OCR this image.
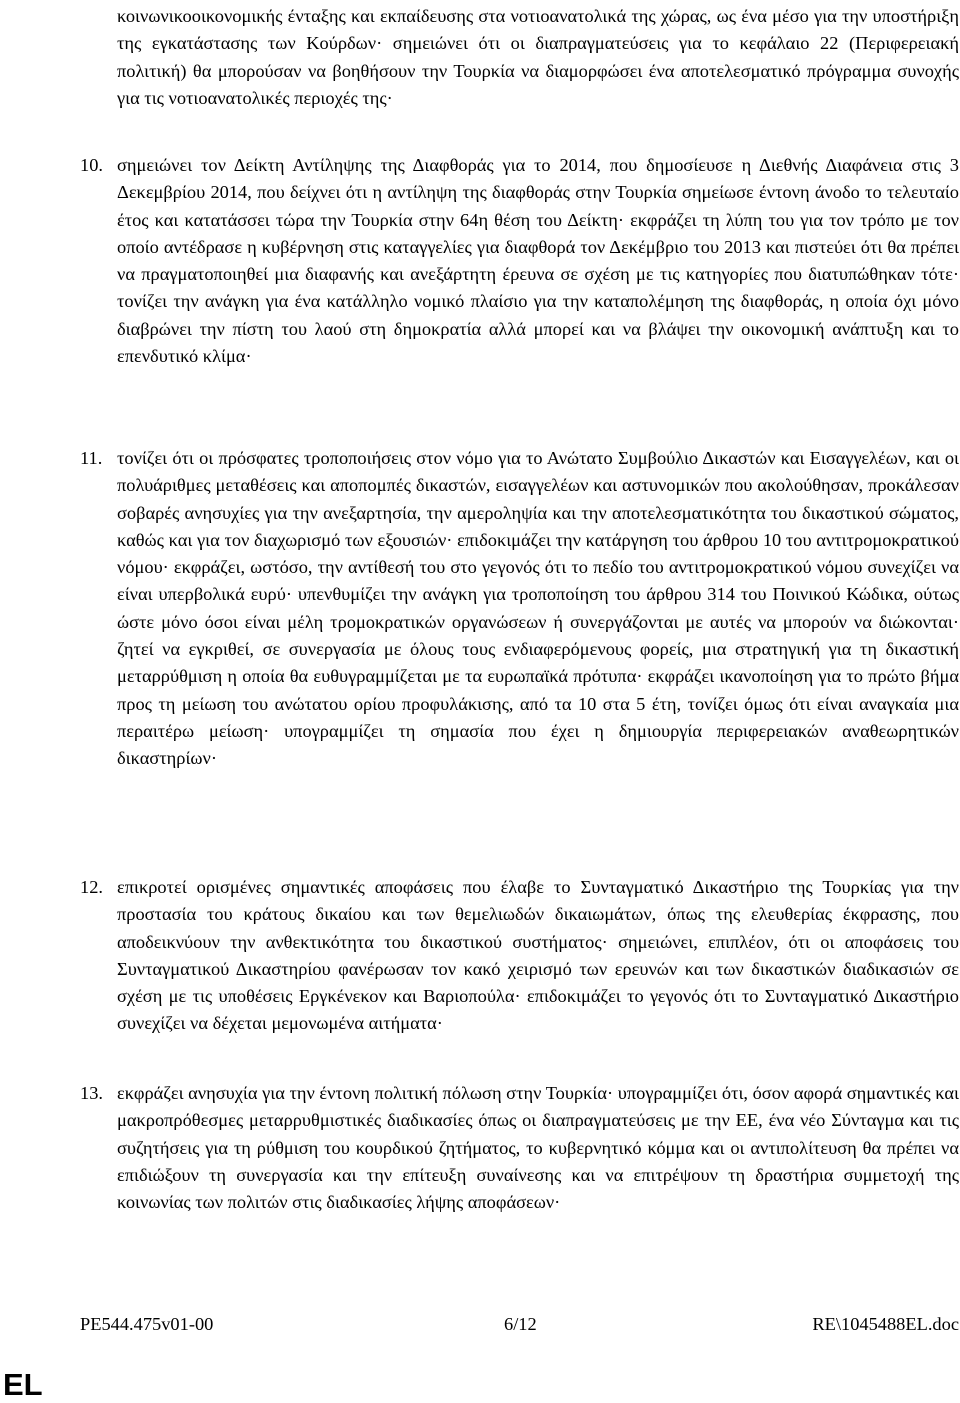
κοινωνικοοικονομικής ένταξης και εκπαίδευσης στα νοτιοανατολικά της χώρας, ως ένα μέσο για την υποστήριξη της εγκατάστασης των Κούρδων· σημειώνει ότι οι διαπραγματεύσεις για το κεφάλαιο 22 (Περιφερειακή πολιτική) θα μπορούσαν να βοηθήσουν την Τουρκία να διαμορφώσει ένα αποτελεσματικό πρόγραμμα συνοχής για τις νοτιοανατολικές περιοχές της·

10. σημειώνει τον Δείκτη Αντίληψης της Διαφθοράς για το 2014, που δημοσίευσε η Διεθνής Διαφάνεια στις 3 Δεκεμβρίου 2014, που δείχνει ότι η αντίληψη της διαφθοράς στην Τουρκία σημείωσε έντονη άνοδο το τελευταίο έτος και κατατάσσει τώρα την Τουρκία στην 64η θέση του Δείκτη· εκφράζει τη λύπη του για τον τρόπο με τον οποίο αντέδρασε η κυβέρνηση στις καταγγελίες για διαφθορά τον Δεκέμβριο του 2013 και πιστεύει ότι θα πρέπει να πραγματοποιηθεί μια διαφανής και ανεξάρτητη έρευνα σε σχέση με τις κατηγορίες που διατυπώθηκαν τότε· τονίζει την ανάγκη για ένα κατάλληλο νομικό πλαίσιο για την καταπολέμηση της διαφθοράς, η οποία όχι μόνο διαβρώνει την πίστη του λαού στη δημοκρατία αλλά μπορεί και να βλάψει την οικονομική ανάπτυξη και το επενδυτικό κλίμα·
11. τονίζει ότι οι πρόσφατες τροποποιήσεις στον νόμο για το Ανώτατο Συμβούλιο Δικαστών και Εισαγγελέων, και οι πολυάριθμες μεταθέσεις και αποπομπές δικαστών, εισαγγελέων και αστυνομικών που ακολούθησαν, προκάλεσαν σοβαρές ανησυχίες για την ανεξαρτησία, την αμεροληψία και την αποτελεσματικότητα του δικαστικού σώματος, καθώς και για τον διαχωρισμό των εξουσιών· επιδοκιμάζει την κατάργηση του άρθρου 10 του αντιτρομοκρατικού νόμου· εκφράζει, ωστόσο, την αντίθεσή του στο γεγονός ότι το πεδίο του αντιτρομοκρατικού νόμου συνεχίζει να είναι υπερβολικά ευρύ· υπενθυμίζει την ανάγκη για τροποποίηση του άρθρου 314 του Ποινικού Κώδικα, ούτως ώστε μόνο όσοι είναι μέλη τρομοκρατικών οργανώσεων ή συνεργάζονται με αυτές να μπορούν να διώκονται· ζητεί να εγκριθεί, σε συνεργασία με όλους τους ενδιαφερόμενους φορείς, μια στρατηγική για τη δικαστική μεταρρύθμιση η οποία θα ευθυγραμμίζεται με τα ευρωπαϊκά πρότυπα· εκφράζει ικανοποίηση για το πρώτο βήμα προς τη μείωση του ανώτατου ορίου προφυλάκισης, από τα 10 στα 5 έτη, τονίζει όμως ότι είναι αναγκαία μια περαιτέρω μείωση· υπογραμμίζει τη σημασία που έχει η δημιουργία περιφερειακών αναθεωρητικών δικαστηρίων·
12. επικροτεί ορισμένες σημαντικές αποφάσεις που έλαβε το Συνταγματικό Δικαστήριο της Τουρκίας για την προστασία του κράτους δικαίου και των θεμελιωδών δικαιωμάτων, όπως της ελευθερίας έκφρασης, που αποδεικνύουν την ανθεκτικότητα του δικαστικού συστήματος· σημειώνει, επιπλέον, ότι οι αποφάσεις του Συνταγματικού Δικαστηρίου φανέρωσαν τον κακό χειρισμό των ερευνών και των δικαστικών διαδικασιών σε σχέση με τις υποθέσεις Εργκένεκον και Βαριοπούλα· επιδοκιμάζει το γεγονός ότι το Συνταγματικό Δικαστήριο συνεχίζει να δέχεται μεμονωμένα αιτήματα·
13. εκφράζει ανησυχία για την έντονη πολιτική πόλωση στην Τουρκία· υπογραμμίζει ότι, όσον αφορά σημαντικές και μακροπρόθεσμες μεταρρυθμιστικές διαδικασίες όπως οι διαπραγματεύσεις με την ΕΕ, ένα νέο Σύνταγμα και τις συζητήσεις για τη ρύθμιση του κουρδικού ζητήματος, το κυβερνητικό κόμμα και οι αντιπολίτευση θα πρέπει να επιδιώξουν τη συνεργασία και την επίτευξη συναίνεσης και να επιτρέψουν τη δραστήρια συμμετοχή της κοινωνίας των πολιτών στις διαδικασίες λήψης αποφάσεων·
PE544.475v01-00	6/12	RE\1045488EL.doc
EL
